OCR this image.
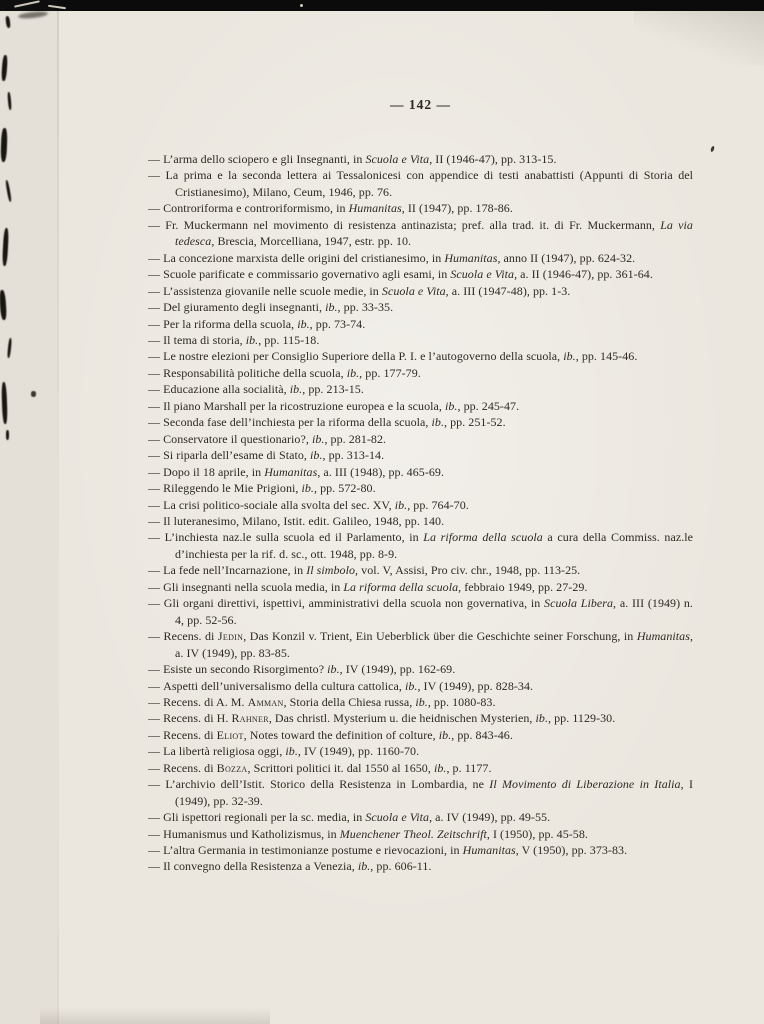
— 142 —
— L’arma dello sciopero e gli Insegnanti, in Scuola e Vita, II (1946-47), pp. 313-15.
— La prima e la seconda lettera ai Tessalonicesi con appendice di testi anabattisti (Appunti di Storia del Cristianesimo), Milano, Ceum, 1946, pp. 76.
— Controriforma e controriformismo, in Humanitas, II (1947), pp. 178-86.
— Fr. Muckermann nel movimento di resistenza antinazista; pref. alla trad. it. di Fr. Muckermann, La via tedesca, Brescia, Morcelliana, 1947, estr. pp. 10.
— La concezione marxista delle origini del cristianesimo, in Humanitas, anno II (1947), pp. 624-32.
— Scuole parificate e commissario governativo agli esami, in Scuola e Vita, a. II (1946-47), pp. 361-64.
— L’assistenza giovanile nelle scuole medie, in Scuola e Vita, a. III (1947-48), pp. 1-3.
— Del giuramento degli insegnanti, ib., pp. 33-35.
— Per la riforma della scuola, ib., pp. 73-74.
— Il tema di storia, ib., pp. 115-18.
— Le nostre elezioni per Consiglio Superiore della P. I. e l’autogoverno della scuola, ib., pp. 145-46.
— Responsabilità politiche della scuola, ib., pp. 177-79.
— Educazione alla socialità, ib., pp. 213-15.
— Il piano Marshall per la ricostruzione europea e la scuola, ib., pp. 245-47.
— Seconda fase dell’inchiesta per la riforma della scuola, ib., pp. 251-52.
— Conservatore il questionario?, ib., pp. 281-82.
— Si riparla dell’esame di Stato, ib., pp. 313-14.
— Dopo il 18 aprile, in Humanitas, a. III (1948), pp. 465-69.
— Rileggendo le Mie Prigioni, ib., pp. 572-80.
— La crisi politico-sociale alla svolta del sec. XV, ib., pp. 764-70.
— Il luteranesimo, Milano, Istit. edit. Galileo, 1948, pp. 140.
— L’inchiesta naz.le sulla scuola ed il Parlamento, in La riforma della scuola a cura della Commiss. naz.le d’inchiesta per la rif. d. sc., ott. 1948, pp. 8-9.
— La fede nell’Incarnazione, in Il simbolo, vol. V, Assisi, Pro civ. chr., 1948, pp. 113-25.
— Gli insegnanti nella scuola media, in La riforma della scuola, febbraio 1949, pp. 27-29.
— Gli organi direttivi, ispettivi, amministrativi della scuola non governativa, in Scuola Libera, a. III (1949) n. 4, pp. 52-56.
— Recens. di Jedin, Das Konzil v. Trient, Ein Ueberblick über die Geschichte seiner Forschung, in Humanitas, a. IV (1949), pp. 83-85.
— Esiste un secondo Risorgimento? ib., IV (1949), pp. 162-69.
— Aspetti dell’universalismo della cultura cattolica, ib., IV (1949), pp. 828-34.
— Recens. di A. M. Amman, Storia della Chiesa russa, ib., pp. 1080-83.
— Recens. di H. Rahner, Das christl. Mysterium u. die heidnischen Mysterien, ib., pp. 1129-30.
— Recens. di Eliot, Notes toward the definition of colture, ib., pp. 843-46.
— La libertà religiosa oggi, ib., IV (1949), pp. 1160-70.
— Recens. di Bozza, Scrittori politici it. dal 1550 al 1650, ib., p. 1177.
— L’archivio dell’Istit. Storico della Resistenza in Lombardia, ne Il Movimento di Liberazione in Italia, I (1949), pp. 32-39.
— Gli ispettori regionali per la sc. media, in Scuola e Vita, a. IV (1949), pp. 49-55.
— Humanismus und Katholizismus, in Muenchener Theol. Zeitschrift, I (1950), pp. 45-58.
— L’altra Germania in testimonianze postume e rievocazioni, in Humanitas, V (1950), pp. 373-83.
— Il convegno della Resistenza a Venezia, ib., pp. 606-11.
